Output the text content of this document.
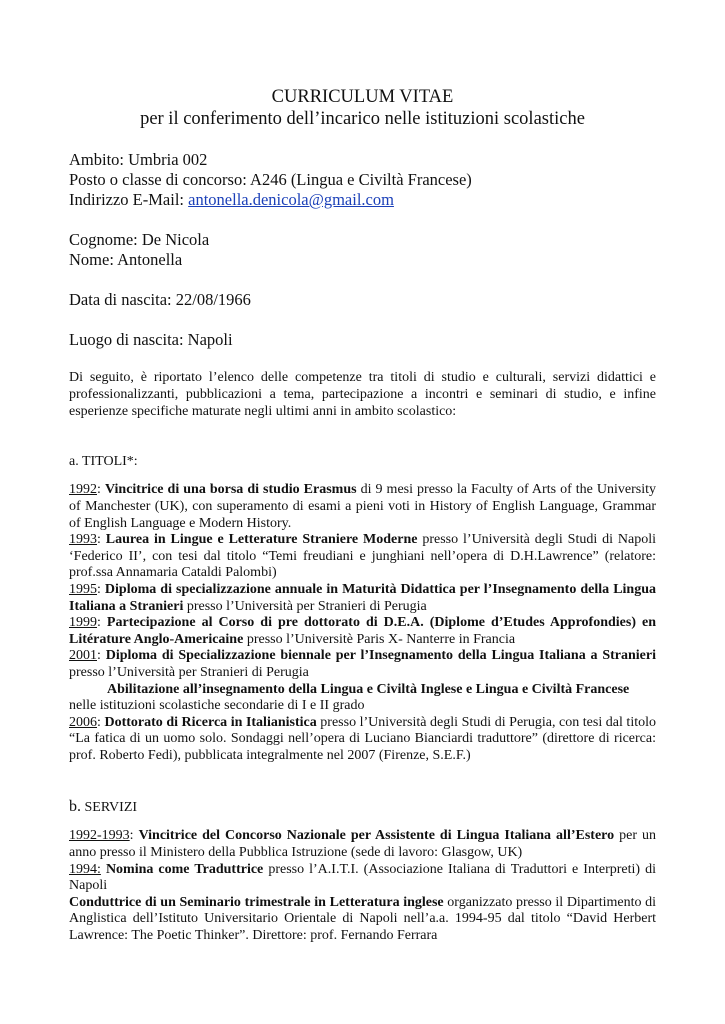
CURRICULUM VITAE
per il conferimento dell’incarico nelle istituzioni scolastiche
Ambito: Umbria 002
Posto o classe di concorso: A246 (Lingua e Civiltà Francese)
Indirizzo E-Mail: antonella.denicola@gmail.com
Cognome: De Nicola
Nome: Antonella
Data di nascita: 22/08/1966
Luogo di nascita: Napoli
Di seguito, è riportato l’elenco delle competenze tra titoli di studio e culturali, servizi didattici e professionalizzanti, pubblicazioni a tema, partecipazione a incontri e seminari di studio, e infine esperienze specifiche maturate negli ultimi anni in ambito scolastico:
a. TITOLI*:

1992: Vincitrice di una borsa di studio Erasmus di 9 mesi presso la Faculty of Arts of the University of Manchester (UK), con superamento di esami a pieni voti in History of English Language, Grammar of English Language e Modern History.

1993: Laurea in Lingue e Letterature Straniere Moderne presso l’Università degli Studi di Napoli ‘Federico II’, con tesi dal titolo “Temi freudiani e junghiani nell’opera di D.H.Lawrence” (relatore: prof.ssa Annamaria Cataldi Palombi)

1995: Diploma di specializzazione annuale in Maturità Didattica per l’Insegnamento della Lingua Italiana a Stranieri presso l’Università per Stranieri di Perugia

1999: Partecipazione al Corso di pre dottorato di D.E.A. (Diplome d’Etudes Approfondies) en Litérature Anglo-Americaine presso l’Universitè Paris X- Nanterre in Francia

2001: Diploma di Specializzazione biennale per l’Insegnamento della Lingua Italiana a Stranieri presso l’Università per Stranieri di Perugia

Abilitazione all’insegnamento della Lingua e Civiltà Inglese e Lingua e Civiltà Francese

nelle istituzioni scolastiche secondarie di I e II grado

2006: Dottorato di Ricerca in Italianistica presso l’Università degli Studi di Perugia, con tesi dal titolo “La fatica di un uomo solo. Sondaggi nell’opera di Luciano Bianciardi traduttore” (direttore di ricerca: prof. Roberto Fedi), pubblicata integralmente nel 2007 (Firenze, S.E.F.)

b. SERVIZI

1992-1993: Vincitrice del Concorso Nazionale per Assistente di Lingua Italiana all’Estero per un anno presso il Ministero della Pubblica Istruzione (sede di lavoro: Glasgow, UK)

1994: Nomina come Traduttrice presso l’A.I.T.I. (Associazione Italiana di Traduttori e Interpreti) di Napoli

Conduttrice di un Seminario trimestrale in Letteratura inglese organizzato presso il Dipartimento di Anglistica dell’Istituto Universitario Orientale di Napoli nell’a.a. 1994-95 dal titolo “David Herbert Lawrence: The Poetic Thinker”. Direttore: prof. Fernando Ferrara
